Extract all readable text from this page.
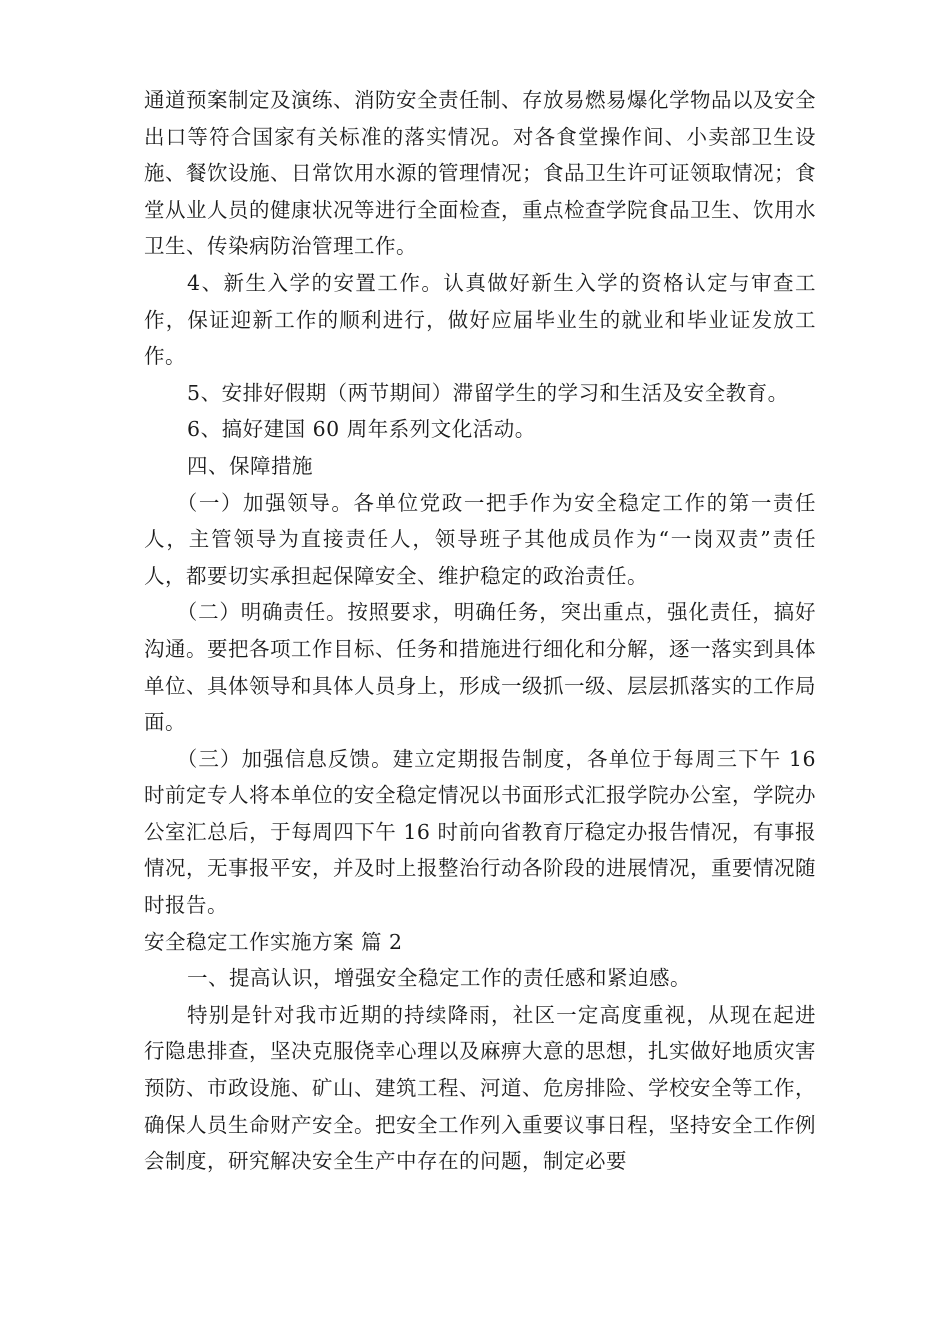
通道预案制定及演练、消防安全责任制、存放易燃易爆化学物品以及安全出口等符合国家有关标准的落实情况。对各食堂操作间、小卖部卫生设施、餐饮设施、日常饮用水源的管理情况；食品卫生许可证领取情况；食堂从业人员的健康状况等进行全面检查，重点检查学院食品卫生、饮用水卫生、传染病防治管理工作。

4、新生入学的安置工作。认真做好新生入学的资格认定与审查工作，保证迎新工作的顺利进行，做好应届毕业生的就业和毕业证发放工作。

5、安排好假期（两节期间）滞留学生的学习和生活及安全教育。

6、搞好建国 60 周年系列文化活动。

四、保障措施

（一）加强领导。各单位党政一把手作为安全稳定工作的第一责任人，主管领导为直接责任人，领导班子其他成员作为“一岗双责”责任人，都要切实承担起保障安全、维护稳定的政治责任。

（二）明确责任。按照要求，明确任务，突出重点，强化责任，搞好沟通。要把各项工作目标、任务和措施进行细化和分解，逐一落实到具体单位、具体领导和具体人员身上，形成一级抓一级、层层抓落实的工作局面。

（三）加强信息反馈。建立定期报告制度，各单位于每周三下午 16 时前定专人将本单位的安全稳定情况以书面形式汇报学院办公室，学院办公室汇总后，于每周四下午 16 时前向省教育厅稳定办报告情况，有事报情况，无事报平安，并及时上报整治行动各阶段的进展情况，重要情况随时报告。

安全稳定工作实施方案 篇 2

一、提高认识，增强安全稳定工作的责任感和紧迫感。

特别是针对我市近期的持续降雨，社区一定高度重视，从现在起进行隐患排查，坚决克服侥幸心理以及麻痹大意的思想，扎实做好地质灾害预防、市政设施、矿山、建筑工程、河道、危房排险、学校安全等工作，确保人员生命财产安全。把安全工作列入重要议事日程，坚持安全工作例会制度，研究解决安全生产中存在的问题，制定必要
